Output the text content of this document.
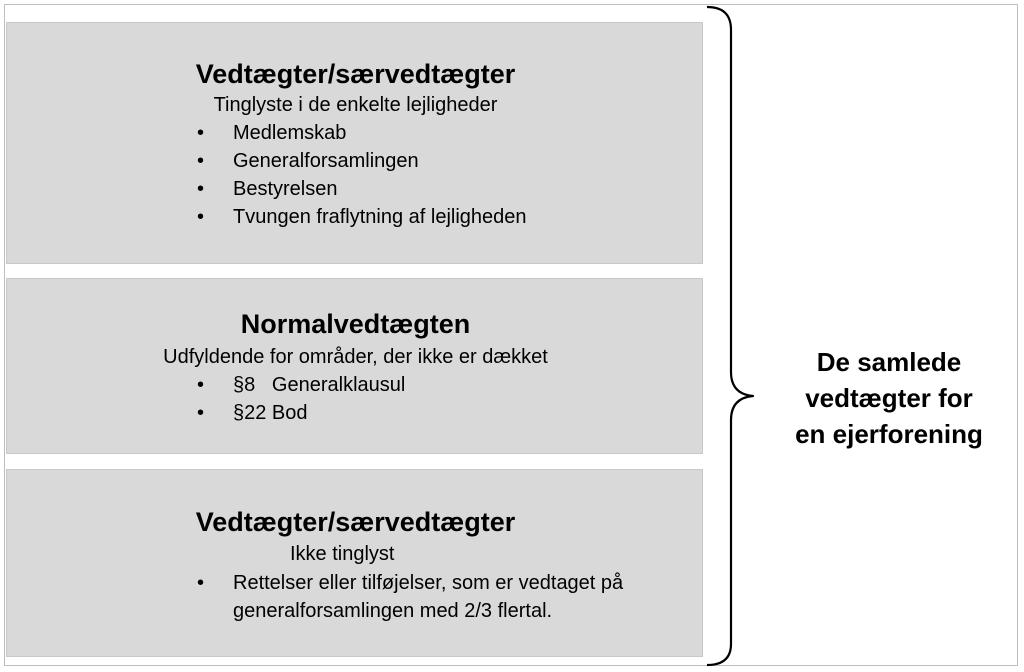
Vedtægter/særvedtægter
Tinglyste i de enkelte lejligheder
• Medlemskab
• Generalforsamlingen
• Bestyrelsen
• Tvungen fraflytning af lejligheden
Normalvedtægten
Udfyldende for områder, der ikke er dækket
• §8   Generalklausul
• §22 Bod
Vedtægter/særvedtægter
Ikke tinglyst
• Rettelser eller tilføjelser, som er vedtaget på generalforsamlingen med 2/3 flertal.
De samlede
vedtægter for
en ejerforening
